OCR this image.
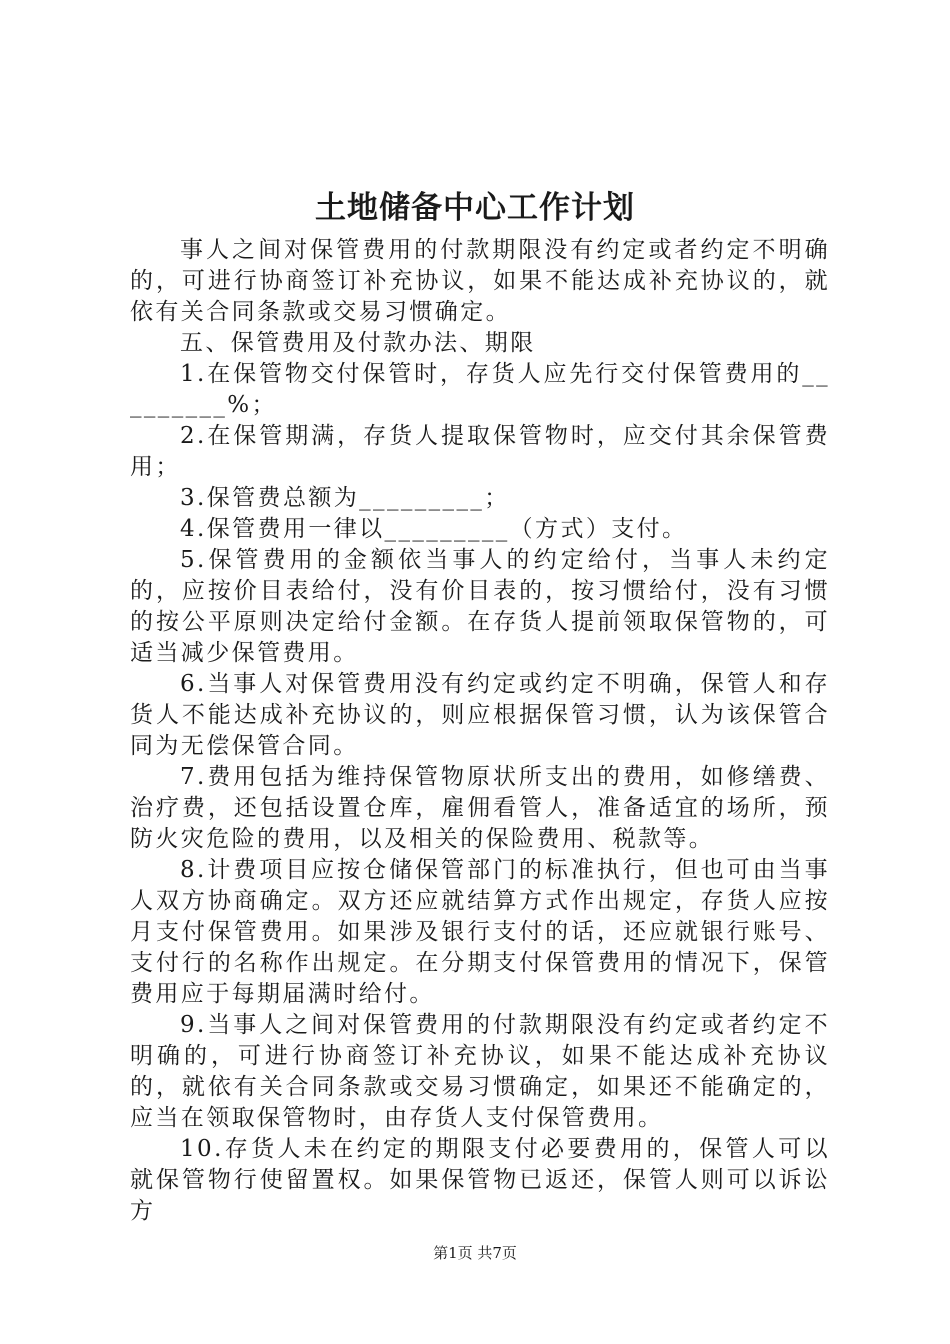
土地储备中心工作计划

事人之间对保管费用的付款期限没有约定或者约定不明确的，可进行协商签订补充协议，如果不能达成补充协议的，就依有关合同条款或交易习惯确定。

五、保管费用及付款办法、期限

1.在保管物交付保管时，存货人应先行交付保管费用的_________%；

2.在保管期满，存货人提取保管物时，应交付其余保管费用；

3.保管费总额为_________；

4.保管费用一律以_________（方式）支付。

5.保管费用的金额依当事人的约定给付，当事人未约定的，应按价目表给付，没有价目表的，按习惯给付，没有习惯的按公平原则决定给付金额。在存货人提前领取保管物的，可适当减少保管费用。

6.当事人对保管费用没有约定或约定不明确，保管人和存货人不能达成补充协议的，则应根据保管习惯，认为该保管合同为无偿保管合同。

7.费用包括为维持保管物原状所支出的费用，如修缮费、治疗费，还包括设置仓库，雇佣看管人，准备适宜的场所，预防火灾危险的费用，以及相关的保险费用、税款等。

8.计费项目应按仓储保管部门的标准执行，但也可由当事人双方协商确定。双方还应就结算方式作出规定，存货人应按月支付保管费用。如果涉及银行支付的话，还应就银行账号、支付行的名称作出规定。在分期支付保管费用的情况下，保管费用应于每期届满时给付。

9.当事人之间对保管费用的付款期限没有约定或者约定不明确的，可进行协商签订补充协议，如果不能达成补充协议的，就依有关合同条款或交易习惯确定，如果还不能确定的，应当在领取保管物时，由存货人支付保管费用。

10.存货人未在约定的期限支付必要费用的，保管人可以就保管物行使留置权。如果保管物已返还，保管人则可以诉讼方

第1页 共7页
